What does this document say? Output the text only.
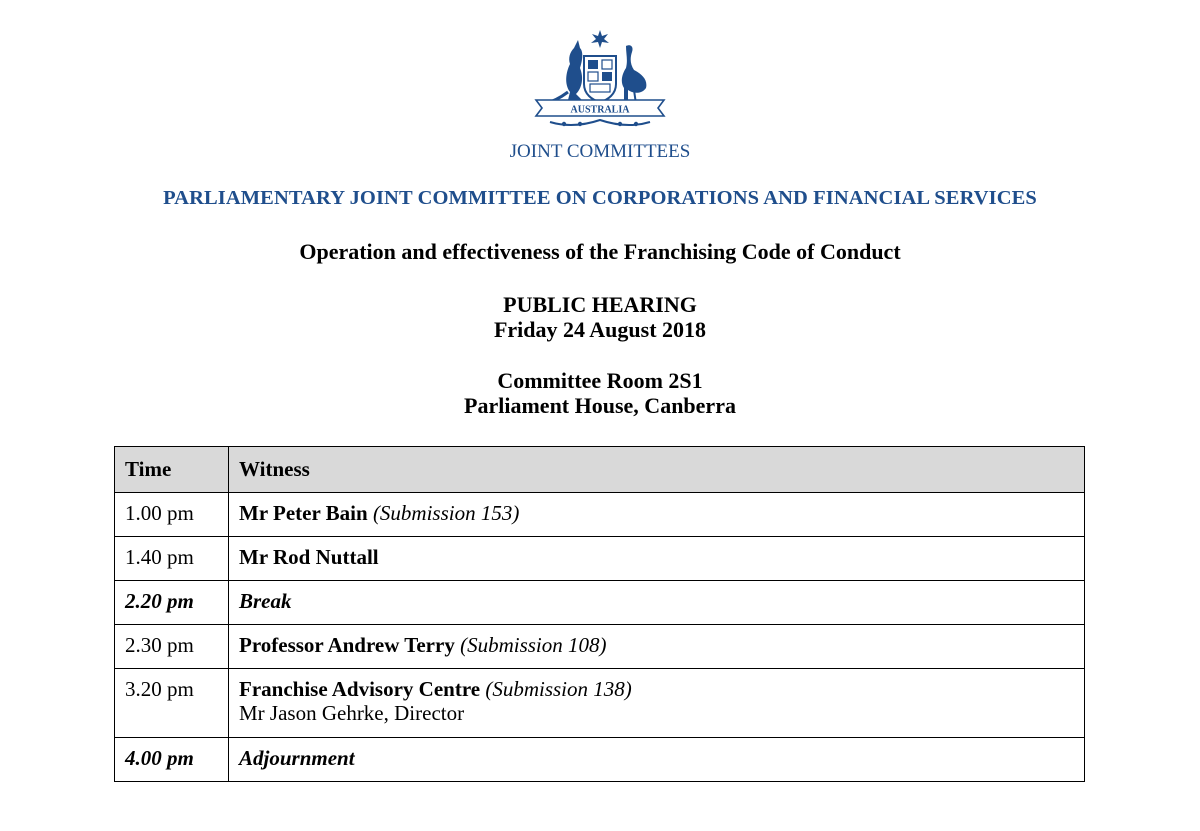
AUSTRALIA
JOINT COMMITTEES
PARLIAMENTARY JOINT COMMITTEE ON CORPORATIONS AND FINANCIAL SERVICES
Operation and effectiveness of the Franchising Code of Conduct
PUBLIC HEARING
Friday 24 August 2018
Committee Room 2S1
Parliament House, Canberra
Time	Witness
1.00 pm	Mr Peter Bain (Submission 153)
1.40 pm	Mr Rod Nuttall
2.20 pm	Break
2.30 pm	Professor Andrew Terry (Submission 108)
3.20 pm	Franchise Advisory Centre (Submission 138)
Mr Jason Gehrke, Director

4.00 pm	Adjournment
